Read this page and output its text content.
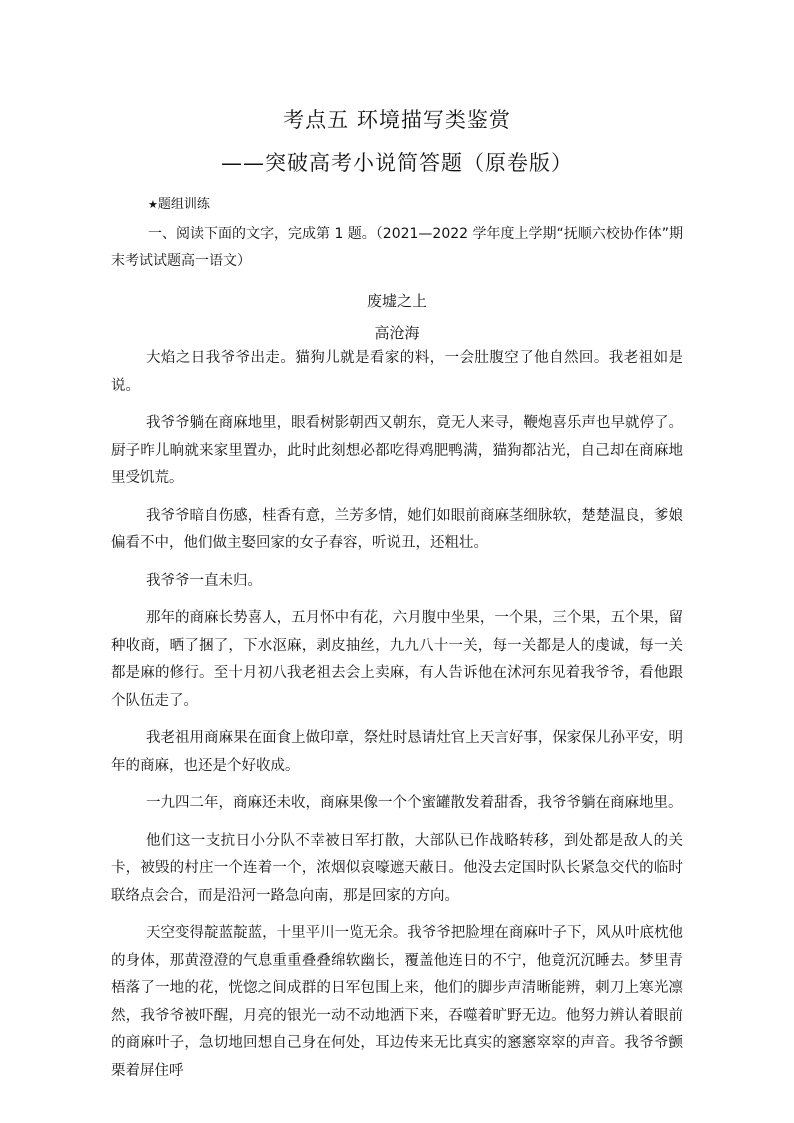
考点五 环境描写类鉴赏
——突破高考小说简答题（原卷版）
★题组训练

一、阅读下面的文字，完成第 1 题。（2021—2022 学年度上学期“抚顺六校协作体”期末考试试题高一语文）

废墟之上

高沧海

大焰之日我爷爷出走。猫狗儿就是看家的料，一会肚腹空了他自然回。我老祖如是说。

我爷爷躺在商麻地里，眼看树影朝西又朝东，竟无人来寻，鞭炮喜乐声也早就停了。厨子昨儿晌就来家里置办，此时此刻想必都吃得鸡肥鸭满，猫狗都沾光，自己却在商麻地里受饥荒。

我爷爷暗自伤感，桂香有意，兰芳多情，她们如眼前商麻茎细脉软，楚楚温良，爹娘偏看不中，他们做主娶回家的女子春容，听说丑，还粗壮。

我爷爷一直未归。

那年的商麻长势喜人，五月怀中有花，六月腹中坐果，一个果，三个果，五个果，留种收商，晒了捆了，下水沤麻，剥皮抽丝，九九八十一关，每一关都是人的虔诚，每一关都是麻的修行。至十月初八我老祖去会上卖麻，有人告诉他在沭河东见着我爷爷，看他跟个队伍走了。

我老祖用商麻果在面食上做印章，祭灶时恳请灶官上天言好事，保家保儿孙平安，明年的商麻，也还是个好收成。

一九四二年，商麻还未收，商麻果像一个个蜜罐散发着甜香，我爷爷躺在商麻地里。

他们这一支抗日小分队不幸被日军打散，大部队已作战略转移，到处都是敌人的关卡，被毁的村庄一个连着一个，浓烟似哀嚎遮天蔽日。他没去定国时队长紧急交代的临时联络点会合，而是沿河一路急向南，那是回家的方向。

天空变得靛蓝靛蓝，十里平川一览无余。我爷爷把脸埋在商麻叶子下，风从叶底枕他的身体，那黄澄澄的气息重重叠叠绵软幽长，覆盖他连日的不宁，他竟沉沉睡去。梦里青梧落了一地的花，恍惚之间成群的日军包围上来，他们的脚步声清晰能辨，刺刀上寒光凛然，我爷爷被吓醒，月亮的银光一动不动地洒下来，吞噬着旷野无边。他努力辨认着眼前的商麻叶子，急切地回想自己身在何处，耳边传来无比真实的窸窸窣窣的声音。我爷爷颤栗着屏住呼
